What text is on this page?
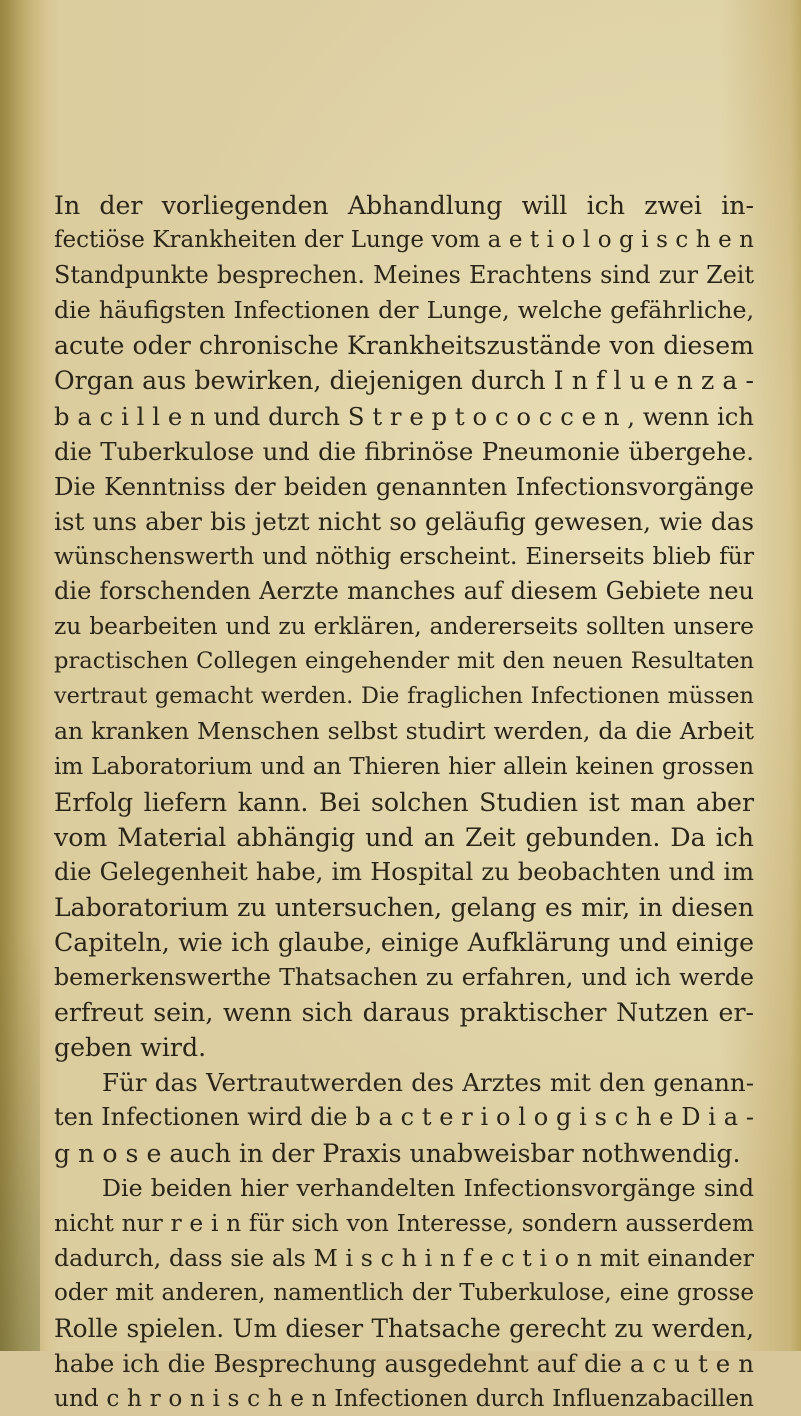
In der vorliegenden Abhandlung will ich zwei in-
fectiöse Krankheiten der Lunge vom a e t i o l o g i s c h e n
Standpunkte besprechen. Meines Erachtens sind zur Zeit
die häufigsten Infectionen der Lunge, welche gefährliche,
acute oder chronische Krankheitszustände von diesem
Organ aus bewirken, diejenigen durch I n f l u e n z a -
b a c i l l e n und durch S t r e p t o c o c c e n , wenn ich
die Tuberkulose und die fibrinöse Pneumonie übergehe.
Die Kenntniss der beiden genannten Infectionsvorgänge
ist uns aber bis jetzt nicht so geläufig gewesen, wie das
wünschenswerth und nöthig erscheint. Einerseits blieb für
die forschenden Aerzte manches auf diesem Gebiete neu
zu bearbeiten und zu erklären, andererseits sollten unsere
practischen Collegen eingehender mit den neuen Resultaten
vertraut gemacht werden. Die fraglichen Infectionen müssen
an kranken Menschen selbst studirt werden, da die Arbeit
im Laboratorium und an Thieren hier allein keinen grossen
Erfolg liefern kann. Bei solchen Studien ist man aber
vom Material abhängig und an Zeit gebunden. Da ich
die Gelegenheit habe, im Hospital zu beobachten und im
Laboratorium zu untersuchen, gelang es mir, in diesen
Capiteln, wie ich glaube, einige Aufklärung und einige
bemerkenswerthe Thatsachen zu erfahren, und ich werde
erfreut sein, wenn sich daraus praktischer Nutzen er-
geben wird.
Für das Vertrautwerden des Arztes mit den genann-
ten Infectionen wird die b a c t e r i o l o g i s c h e D i a -
g n o s e auch in der Praxis unabweisbar nothwendig.
Die beiden hier verhandelten Infectionsvorgänge sind
nicht nur r e i n für sich von Interesse, sondern ausserdem
dadurch, dass sie als M i s c h i n f e c t i o n mit einander
oder mit anderen, namentlich der Tuberkulose, eine grosse
Rolle spielen. Um dieser Thatsache gerecht zu werden,
habe ich die Besprechung ausgedehnt auf die a c u t e n
und c h r o n i s c h e n Infectionen durch Influenzabacillen
